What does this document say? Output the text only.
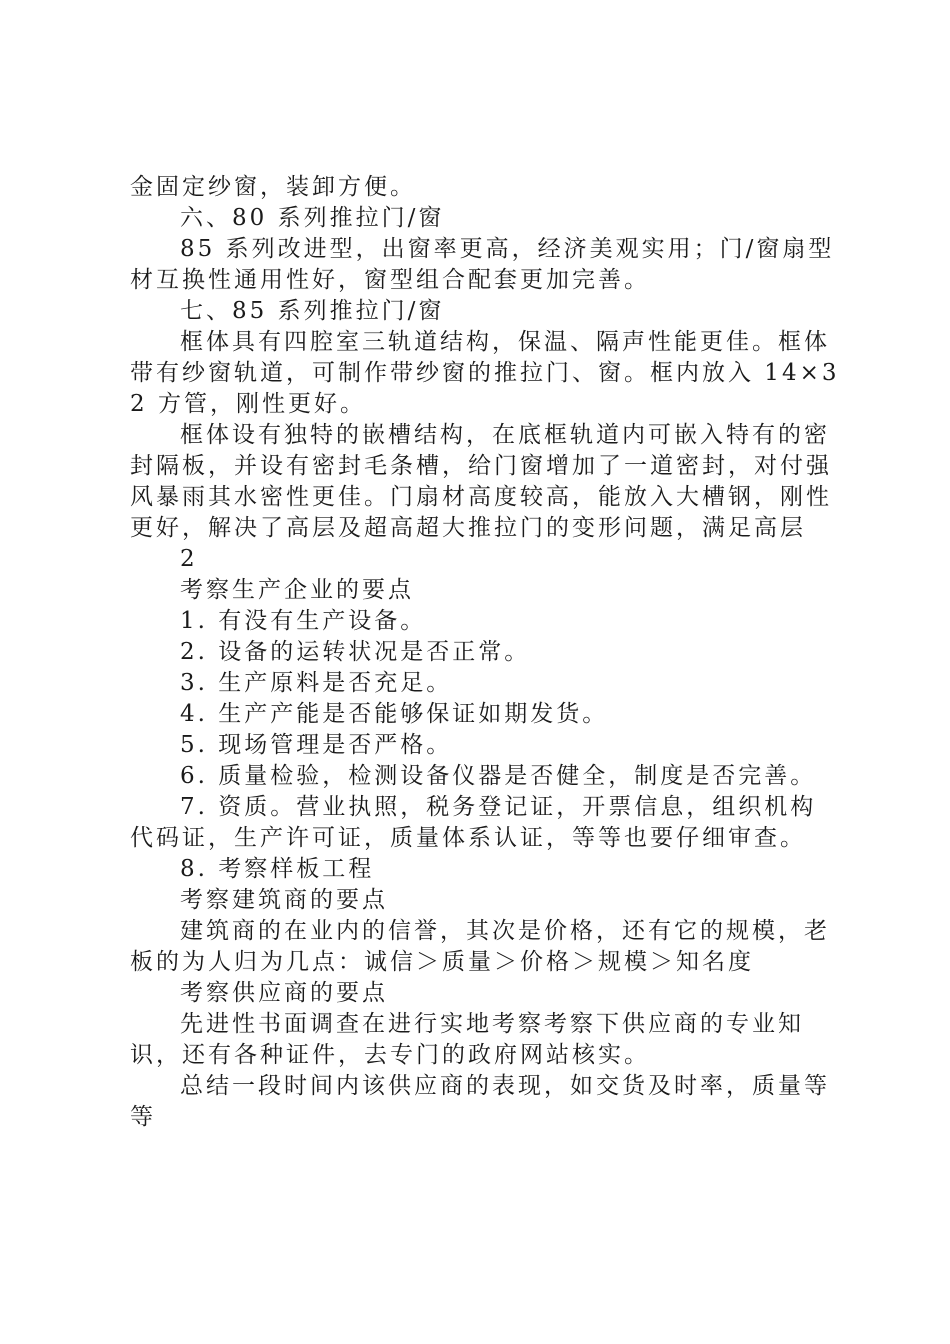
金固定纱窗，装卸方便。

六、80 系列推拉门/窗

85 系列改进型，出窗率更高，经济美观实用；门/窗扇型材互换性通用性好，窗型组合配套更加完善。

七、85 系列推拉门/窗

框体具有四腔室三轨道结构，保温、隔声性能更佳。框体带有纱窗轨道，可制作带纱窗的推拉门、窗。框内放入 14×32 方管，刚性更好。

框体设有独特的嵌槽结构，在底框轨道内可嵌入特有的密封隔板，并设有密封毛条槽，给门窗增加了一道密封，对付强风暴雨其水密性更佳。门扇材高度较高，能放入大槽钢，刚性更好，解决了高层及超高超大推拉门的变形问题，满足高层

2

考察生产企业的要点

1. 有没有生产设备。

2. 设备的运转状况是否正常。

3. 生产原料是否充足。

4. 生产产能是否能够保证如期发货。

5. 现场管理是否严格。

6. 质量检验，检测设备仪器是否健全，制度是否完善。

7. 资质。营业执照，税务登记证，开票信息，组织机构代码证，生产许可证，质量体系认证，等等也要仔细审查。

8. 考察样板工程

考察建筑商的要点

建筑商的在业内的信誉，其次是价格，还有它的规模，老板的为人归为几点：诚信＞质量＞价格＞规模＞知名度

考察供应商的要点

先进性书面调查在进行实地考察考察下供应商的专业知识，还有各种证件，去专门的政府网站核实。

总结一段时间内该供应商的表现，如交货及时率，质量等等
